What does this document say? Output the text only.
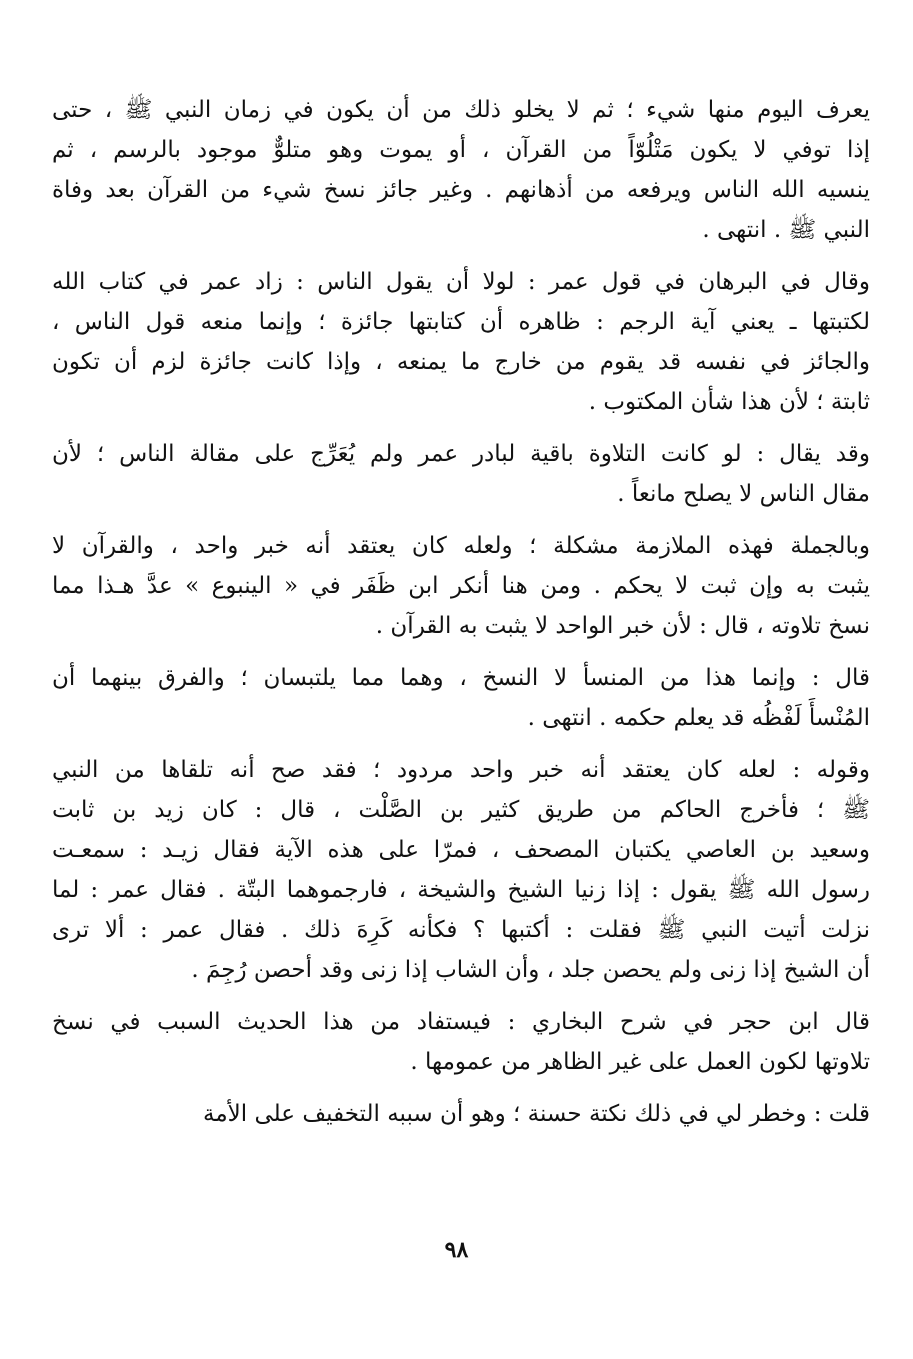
يعرف اليوم منها شيء ؛ ثم لا يخلو ذلك من أن يكون في زمان النبي ﷺ ، حتى
إذا توفي لا يكون مَتْلُوّاً من القرآن ، أو يموت وهو متلوٌّ موجود بالرسم ، ثم
ينسيه الله الناس ويرفعه من أذهانهم . وغير جائز نسخ شيء من القرآن بعد وفاة
النبي ﷺ . انتهى .
وقال في البرهان في قول عمر : لولا أن يقول الناس : زاد عمر في كتاب الله
لكتبتها ـ يعني آية الرجم : ظاهره أن كتابتها جائزة ؛ وإنما منعه قول الناس ،
والجائز في نفسه قد يقوم من خارج ما يمنعه ، وإذا كانت جائزة لزم أن تكون
ثابتة ؛ لأن هذا شأن المكتوب .
وقد يقال : لو كانت التلاوة باقية لبادر عمر ولم يُعَرِّج على مقالة الناس ؛ لأن
مقال الناس لا يصلح مانعاً .
وبالجملة فهذه الملازمة مشكلة ؛ ولعله كان يعتقد أنه خبر واحد ، والقرآن لا
يثبت به وإن ثبت لا يحكم . ومن هنا أنكر ابن ظَفَر في « الينبوع » عدَّ هـذا مما
نسخ تلاوته ، قال : لأن خبر الواحد لا يثبت به القرآن .
قال : وإنما هذا من المنسأ لا النسخ ، وهما مما يلتبسان ؛ والفرق بينهما أن
المُنْسأَ لَفْظُه قد يعلم حكمه . انتهى .
وقوله : لعله كان يعتقد أنه خبر واحد مردود ؛ فقد صح أنه تلقاها من النبي
ﷺ ؛ فأخرج الحاكم من طريق كثير بن الصَّلْت ، قال : كان زيد بن ثابت
وسعيد بن العاصي يكتبان المصحف ، فمرّا على هذه الآية فقال زيـد : سمعـت
رسول الله ﷺ يقول : إذا زنيا الشيخ والشيخة ، فارجموهما البتّة . فقال عمر : لما
نزلت أتيت النبي ﷺ فقلت : أكتبها ؟ فكأنه كَرِهَ ذلك . فقال عمر : ألا ترى
أن الشيخ إذا زنى ولم يحصن جلد ، وأن الشاب إذا زنى وقد أحصن رُجِمَ .
قال ابن حجر في شرح البخاري : فيستفاد من هذا الحديث السبب في نسخ
تلاوتها لكون العمل على غير الظاهر من عمومها .
قلت : وخطر لي في ذلك نكتة حسنة ؛ وهو أن سببه التخفيف على الأمة
٩٨
